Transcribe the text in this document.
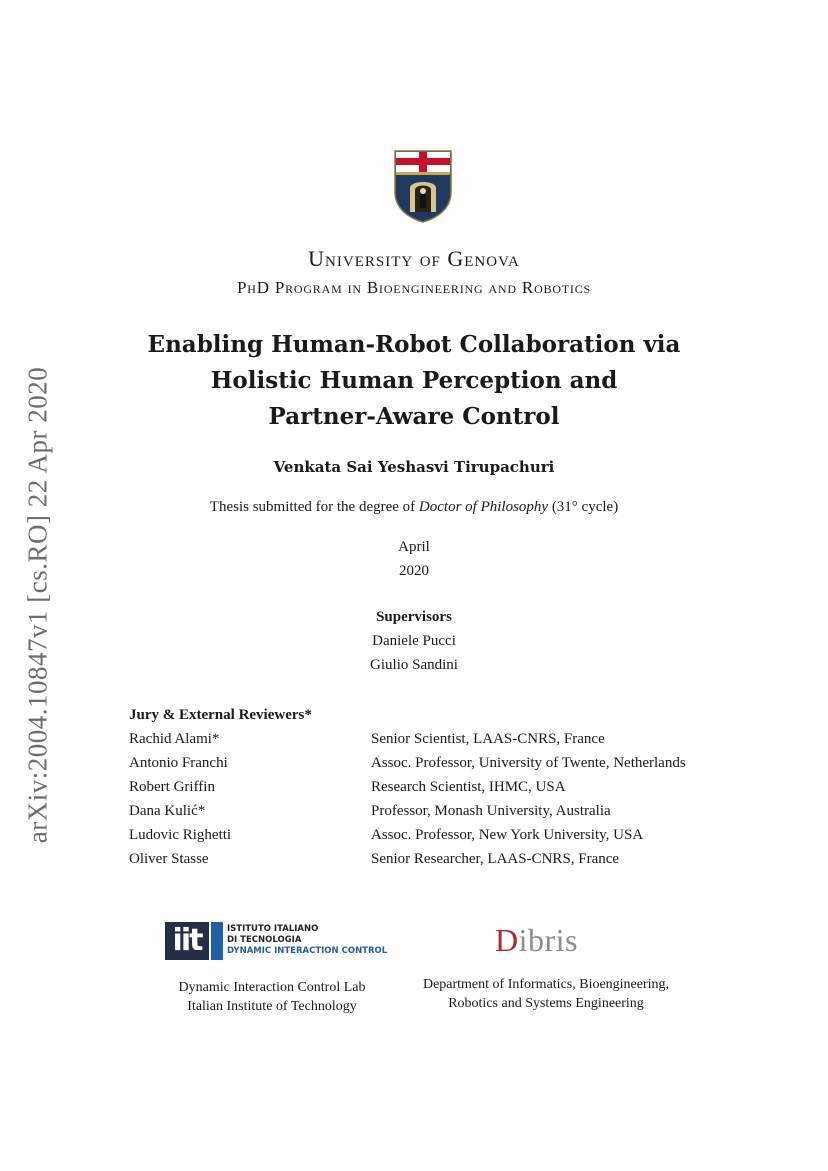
arXiv:2004.10847v1 [cs.RO] 22 Apr 2020
University of Genova
PhD Program in Bioengineering and Robotics
Enabling Human-Robot Collaboration via
Holistic Human Perception and
Partner-Aware Control
Venkata Sai Yeshasvi Tirupachuri
Thesis submitted for the degree of Doctor of Philosophy (31° cycle)
April
2020
Supervisors
Daniele Pucci
Giulio Sandini
Jury & External Reviewers*
Rachid Alami*	Senior Scientist, LAAS-CNRS, France
Antonio Franchi	Assoc. Professor, University of Twente, Netherlands
Robert Griffin	Research Scientist, IHMC, USA
Dana Kulić*	Professor, Monash University, Australia
Ludovic Righetti	Assoc. Professor, New York University, USA
Oliver Stasse	Senior Researcher, LAAS-CNRS, France
iit	ISTITUTO ITALIANO
DI TECNOLOGIA
DYNAMIC INTERACTION CONTROL	Dibris
Dynamic Interaction Control Lab
Italian Institute of Technology
Department of Informatics, Bioengineering,
Robotics and Systems Engineering
